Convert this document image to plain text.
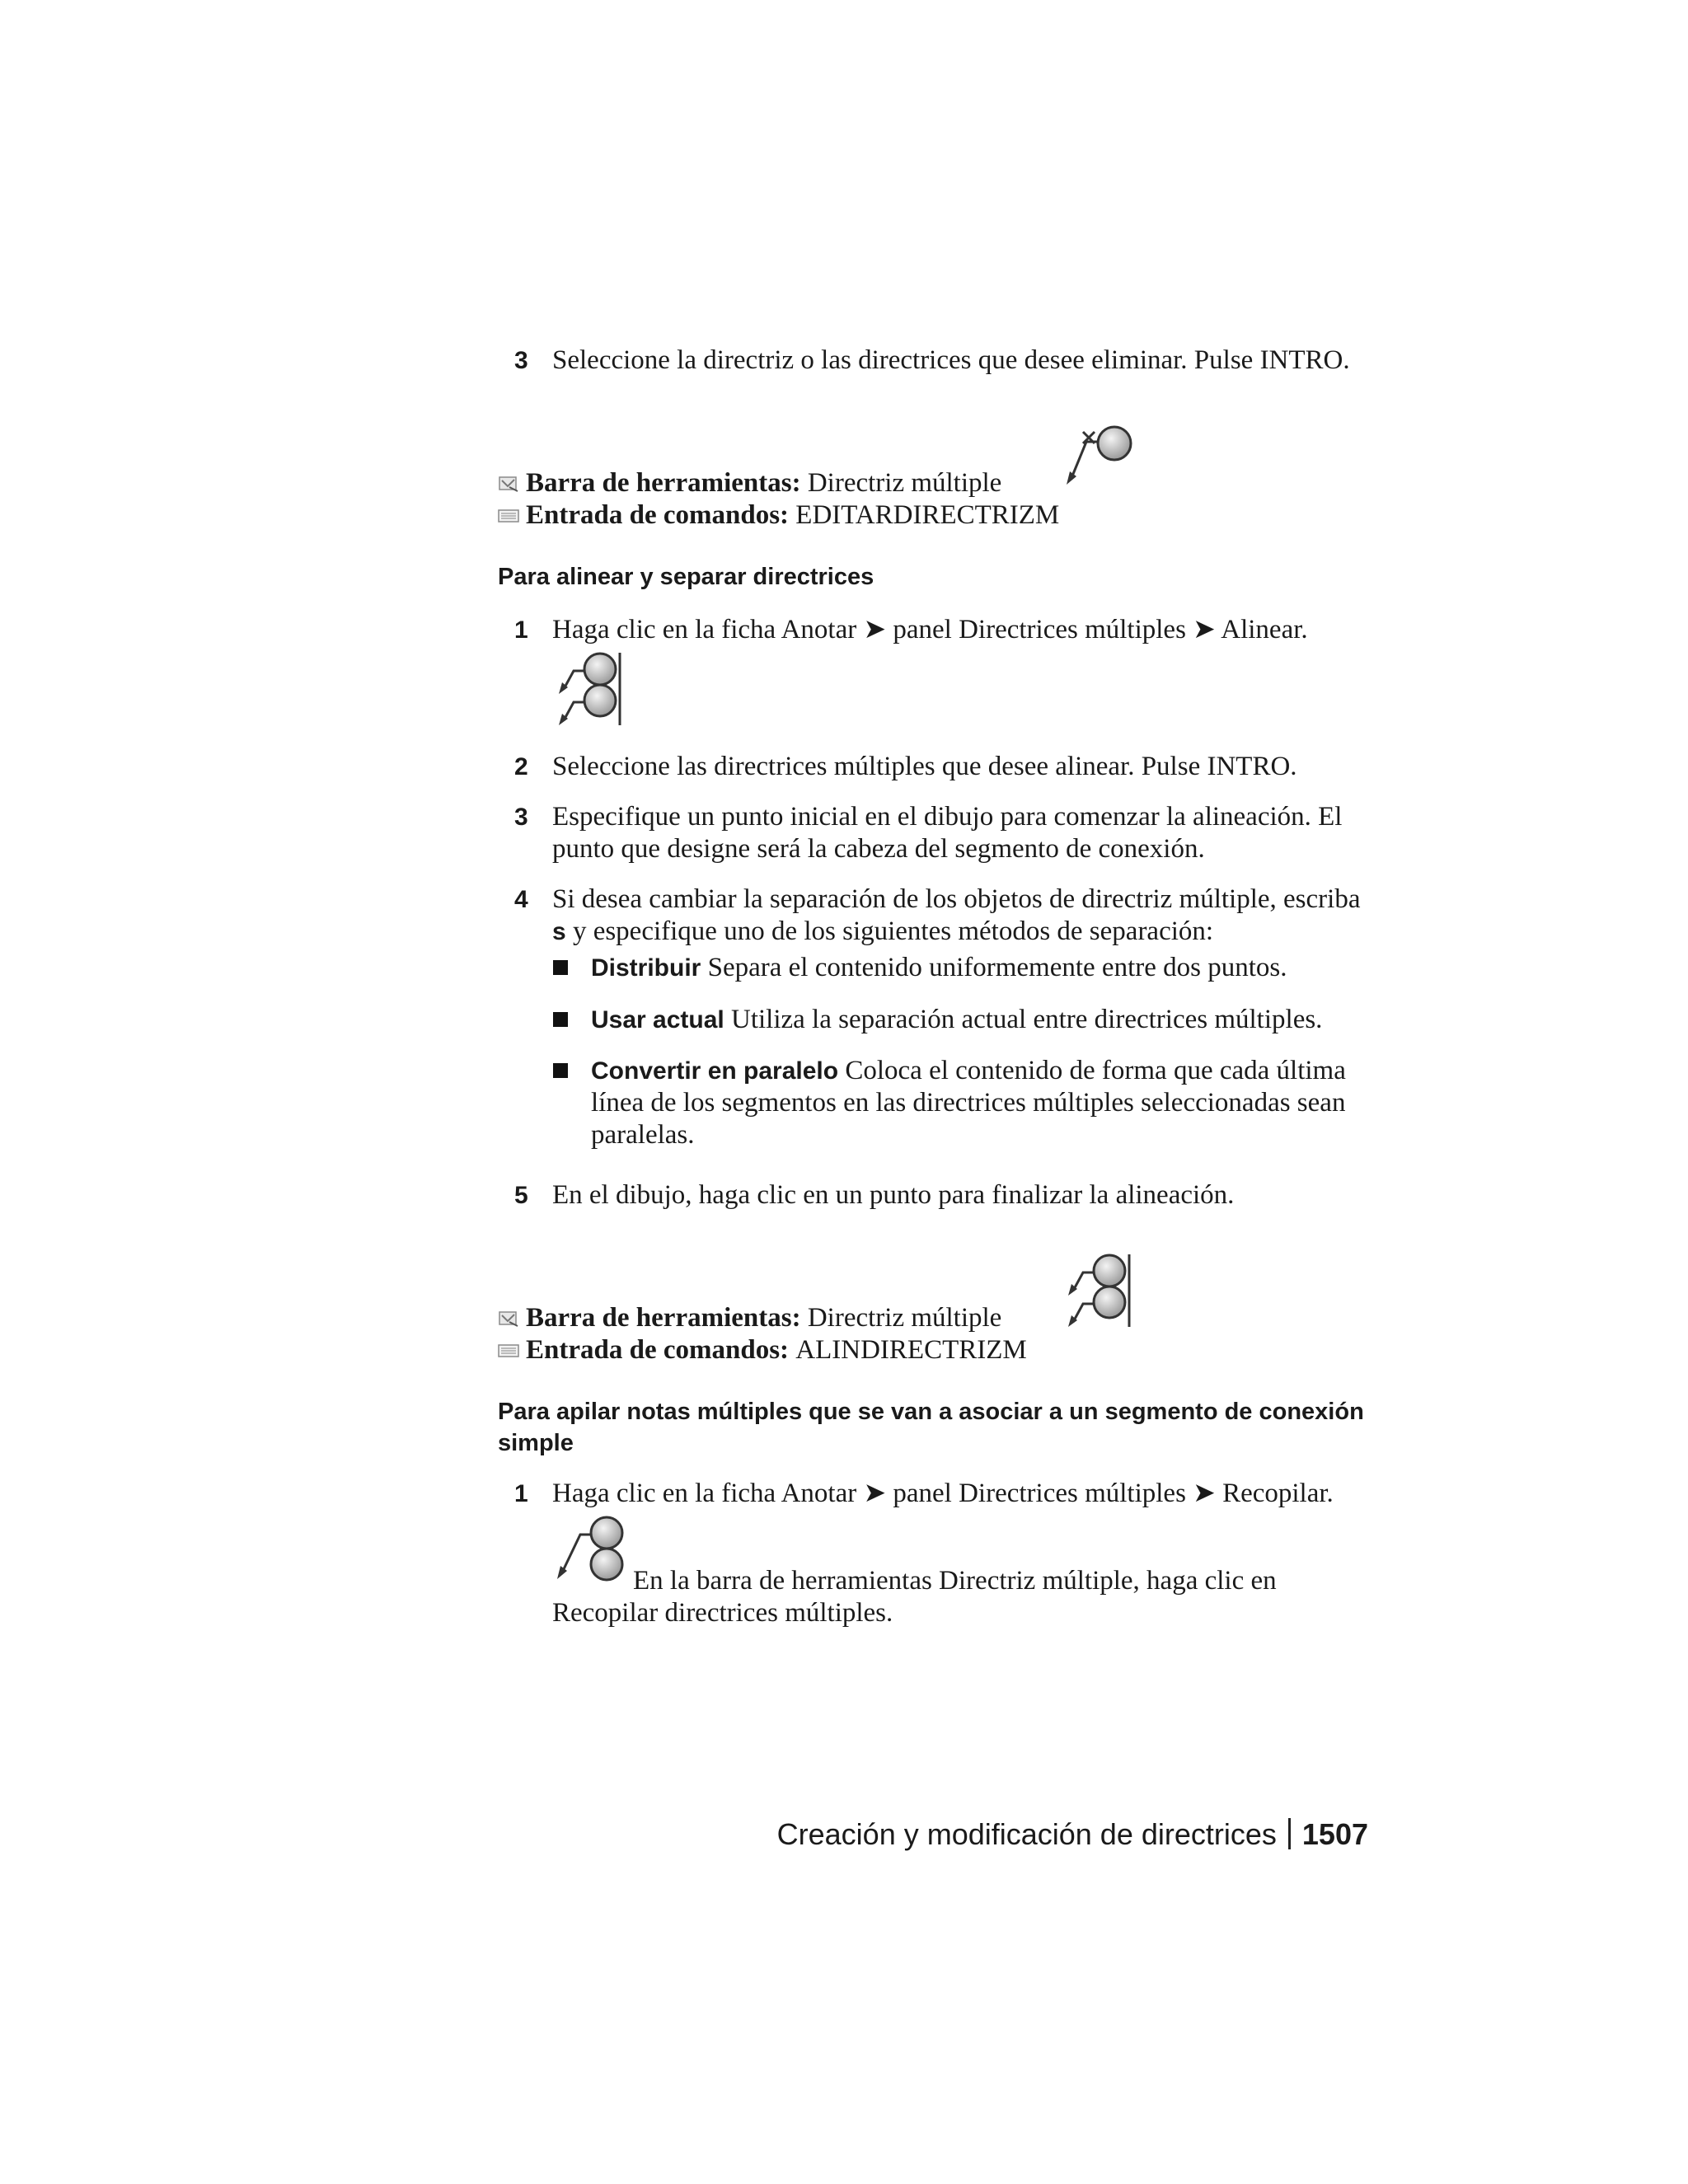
3 Seleccione la directriz o las directrices que desee eliminar. Pulse INTRO.
Barra de herramientas:
Directriz múltiple
Entrada de comandos:
EDITARDIRECTRIZM
Para alinear y separar directrices
1 Haga clic en la ficha Anotar ➤ panel Directrices múltiples ➤ Alinear.
2 Seleccione las directrices múltiples que desee alinear. Pulse INTRO.
3 Especifique un punto inicial en el dibujo para comenzar la alineación. El
punto que designe será la cabeza del segmento de conexión.
4 Si desea cambiar la separación de los objetos de directriz múltiple, escriba
s y especifique uno de los siguientes métodos de separación:
Distribuir Separa el contenido uniformemente entre dos puntos.
Usar actual Utiliza la separación actual entre directrices múltiples.
Convertir en paralelo Coloca el contenido de forma que cada última
línea de los segmentos en las directrices múltiples seleccionadas sean
paralelas.
5 En el dibujo, haga clic en un punto para finalizar la alineación.
Barra de herramientas:
Directriz múltiple
Entrada de comandos:
ALINDIRECTRIZM
Para apilar notas múltiples que se van a asociar a un segmento de conexión
simple
1 Haga clic en la ficha Anotar ➤ panel Directrices múltiples ➤ Recopilar.
En la barra de herramientas Directriz múltiple, haga clic en
Recopilar directrices múltiples.
Creación y modificación de directrices 1507
